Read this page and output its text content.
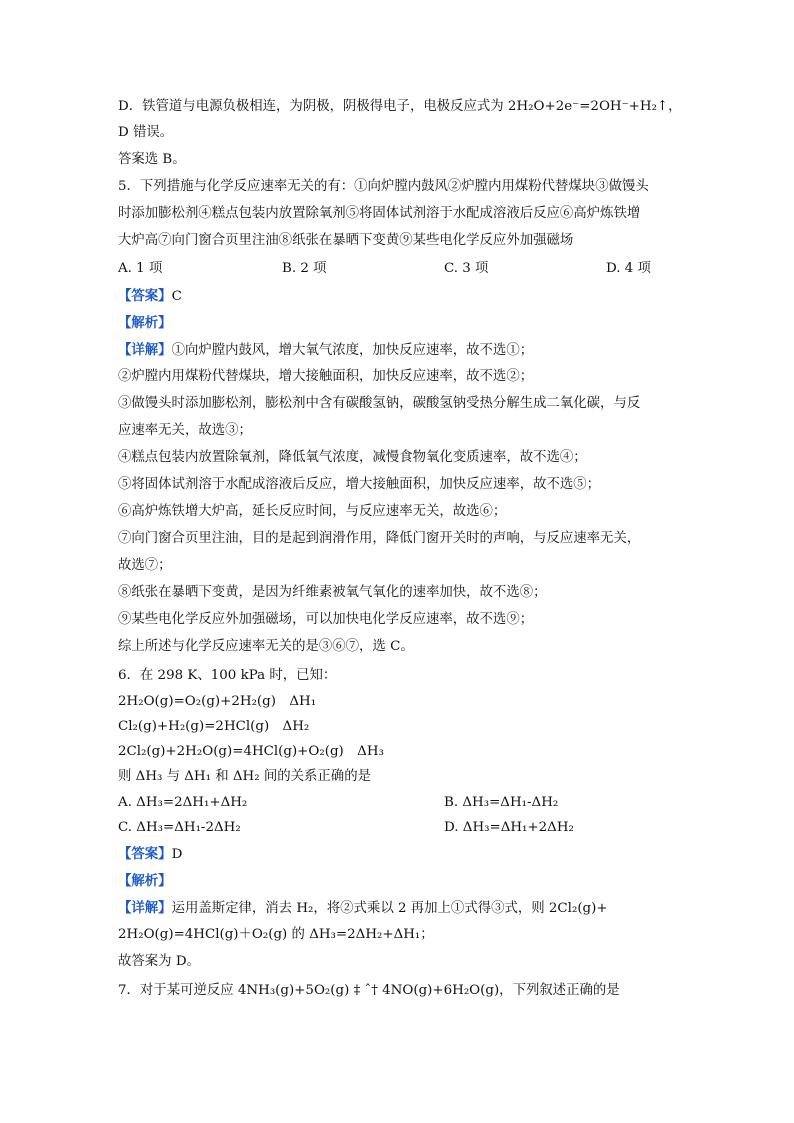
D．铁管道与电源负极相连，为阴极，阴极得电子，电极反应式为 2H₂O+2e⁻=2OH⁻+H₂↑，
D 错误。
答案选 B。
5．下列措施与化学反应速率无关的有：①向炉膛内鼓风②炉膛内用煤粉代替煤块③做馒头
时添加膨松剂④糕点包装内放置除氧剂⑤将固体试剂溶于水配成溶液后反应⑥高炉炼铁增
大炉高⑦向门窗合页里注油⑧纸张在暴晒下变黄⑨某些电化学反应外加强磁场
A. 1 项	B. 2 项	C. 3 项	D. 4 项
【答案】C
【解析】
【详解】①向炉膛内鼓风，增大氧气浓度，加快反应速率，故不选①；
②炉膛内用煤粉代替煤块，增大接触面积，加快反应速率，故不选②；
③做馒头时添加膨松剂，膨松剂中含有碳酸氢钠，碳酸氢钠受热分解生成二氧化碳，与反
应速率无关，故选③；
④糕点包装内放置除氧剂，降低氧气浓度，减慢食物氧化变质速率，故不选④；
⑤将固体试剂溶于水配成溶液后反应，增大接触面积，加快反应速率，故不选⑤；
⑥高炉炼铁增大炉高，延长反应时间，与反应速率无关，故选⑥；
⑦向门窗合页里注油，目的是起到润滑作用，降低门窗开关时的声响，与反应速率无关，
故选⑦；
⑧纸张在暴晒下变黄，是因为纤维素被氧气氧化的速率加快，故不选⑧；
⑨某些电化学反应外加强磁场，可以加快电化学反应速率，故不选⑨；
综上所述与化学反应速率无关的是③⑥⑦，选 C。
6．在 298 K、100 kPa 时，已知：
2H₂O(g)=O₂(g)+2H₂(g)　ΔH₁
Cl₂(g)+H₂(g)=2HCl(g)　ΔH₂
2Cl₂(g)+2H₂O(g)=4HCl(g)+O₂(g)　ΔH₃
则 ΔH₃ 与 ΔH₁ 和 ΔH₂ 间的关系正确的是
A. ΔH₃=2ΔH₁+ΔH₂	B. ΔH₃=ΔH₁-ΔH₂
C. ΔH₃=ΔH₁-2ΔH₂	D. ΔH₃=ΔH₁+2ΔH₂
【答案】D
【解析】
【详解】运用盖斯定律，消去 H₂，将②式乘以 2 再加上①式得③式，则 2Cl₂(g)+
2H₂O(g)=4HCl(g)＋O₂(g) 的 ΔH₃=2ΔH₂+ΔH₁；
故答案为 D。
7．对于某可逆反应 4NH₃(g)+5O₂(g) ‡ ˆ† 4NO(g)+6H₂O(g)，下列叙述正确的是
